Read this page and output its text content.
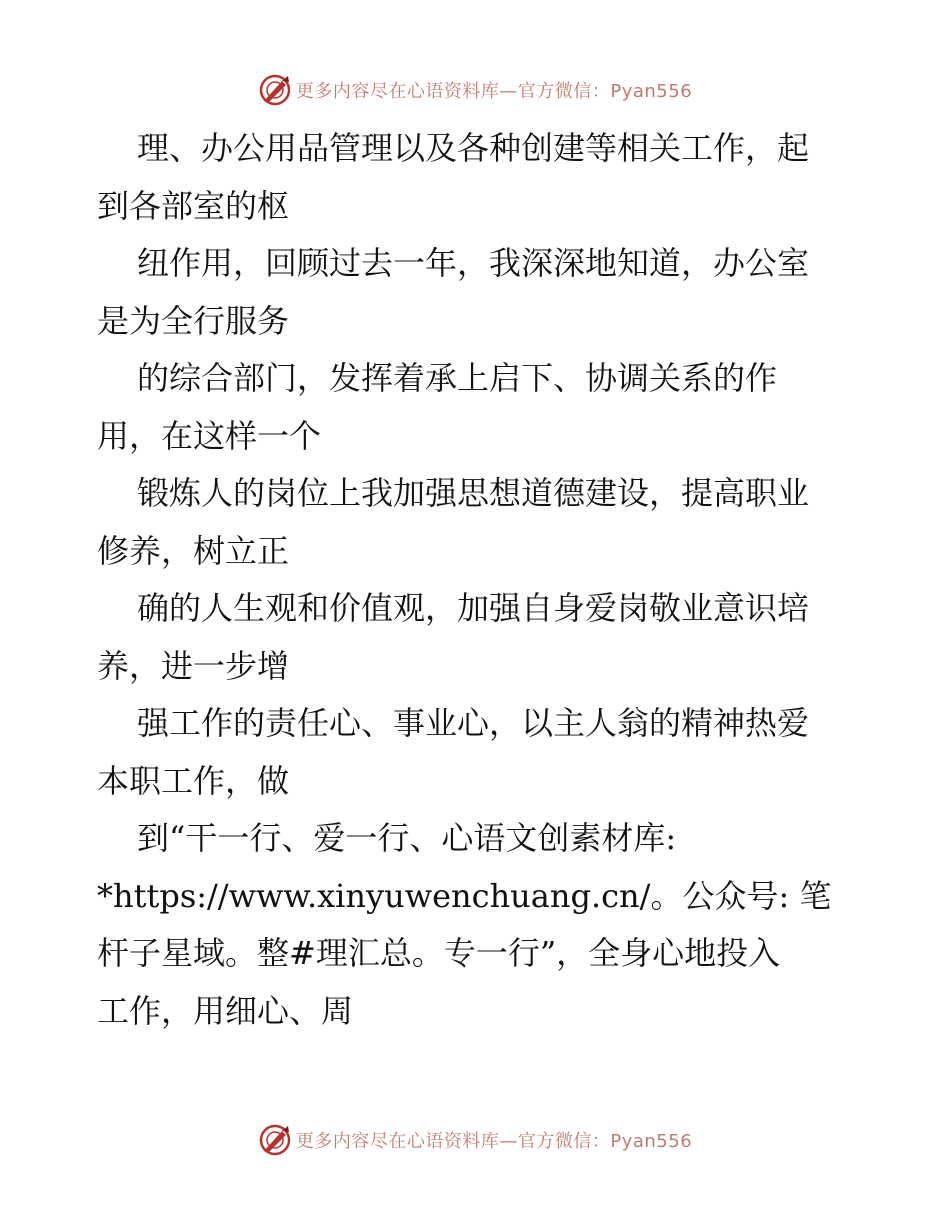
更多内容尽在心语资料库—官方微信：Pyan556
理、办公用品管理以及各种创建等相关工作，起
到各部室的枢
纽作用，回顾过去一年，我深深地知道，办公室
是为全行服务
的综合部门，发挥着承上启下、协调关系的作
用，在这样一个
锻炼人的岗位上我加强思想道德建设，提高职业
修养，树立正
确的人生观和价值观，加强自身爱岗敬业意识培
养，进一步增
强工作的责任心、事业心，以主人翁的精神热爱
本职工作，做
到“干一行、爱一行、心语文创素材库:
*https://www.xinyuwenchuang.cn/。公众号: 笔
杆子星域。整#理汇总。专一行”，全身心地投入
工作，用细心、周
更多内容尽在心语资料库—官方微信：Pyan556
